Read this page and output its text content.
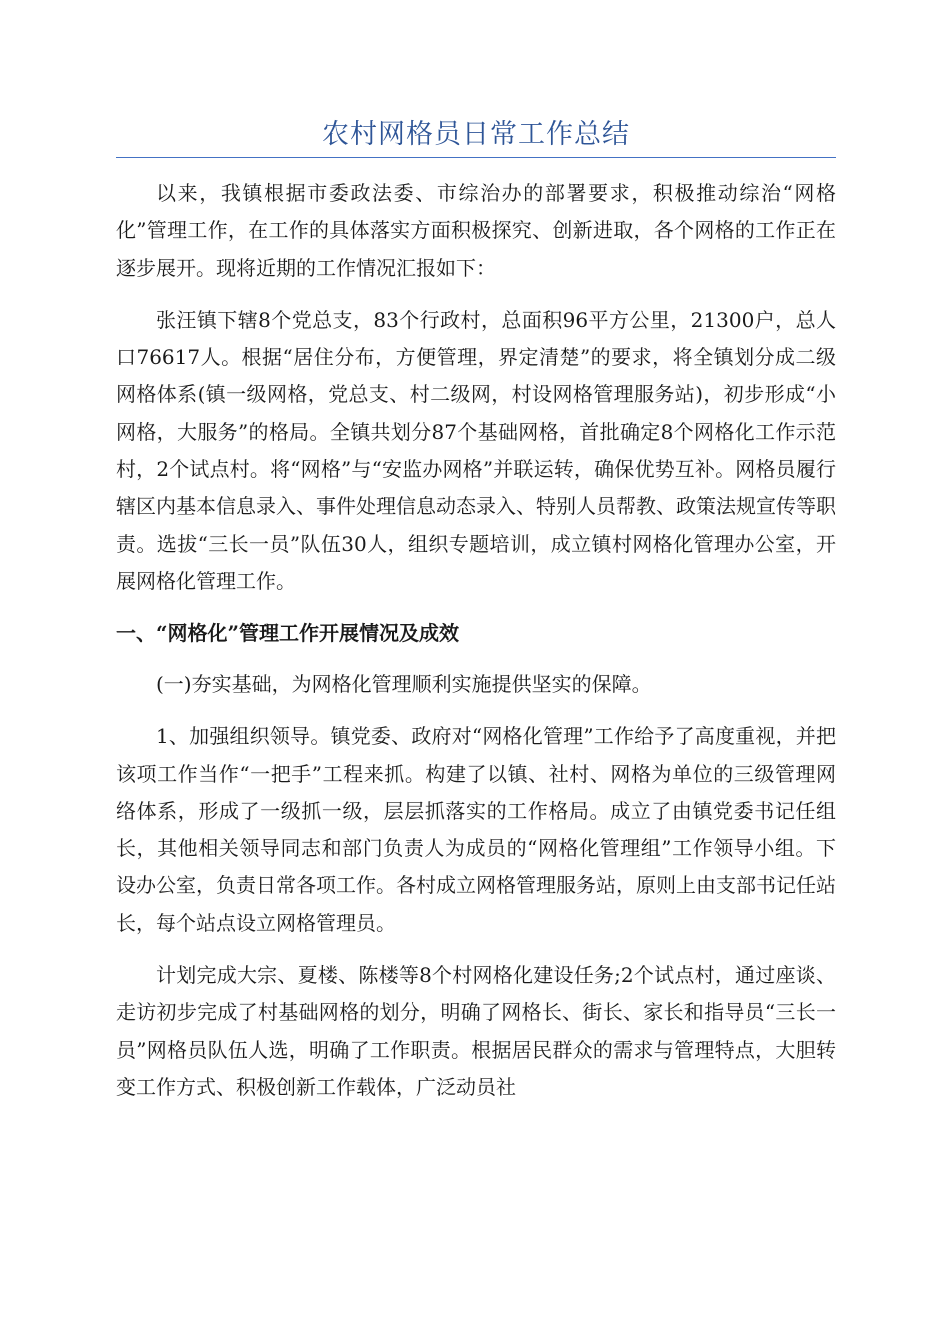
农村网格员日常工作总结

以来，我镇根据市委政法委、市综治办的部署要求，积极推动综治“网格化”管理工作，在工作的具体落实方面积极探究、创新进取，各个网格的工作正在逐步展开。现将近期的工作情况汇报如下：

张汪镇下辖8个党总支，83个行政村，总面积96平方公里，21300户，总人口76617人。根据“居住分布，方便管理，界定清楚”的要求，将全镇划分成二级网格体系(镇一级网格，党总支、村二级网，村设网格管理服务站)，初步形成“小网格，大服务”的格局。全镇共划分87个基础网格，首批确定8个网格化工作示范村，2个试点村。将“网格”与“安监办网格”并联运转，确保优势互补。网格员履行辖区内基本信息录入、事件处理信息动态录入、特别人员帮教、政策法规宣传等职责。选拔“三长一员”队伍30人，组织专题培训，成立镇村网格化管理办公室，开展网格化管理工作。

一、“网格化”管理工作开展情况及成效

(一)夯实基础，为网格化管理顺利实施提供坚实的保障。

1、加强组织领导。镇党委、政府对“网格化管理”工作给予了高度重视，并把该项工作当作“一把手”工程来抓。构建了以镇、社村、网格为单位的三级管理网络体系，形成了一级抓一级，层层抓落实的工作格局。成立了由镇党委书记任组长，其他相关领导同志和部门负责人为成员的“网格化管理组”工作领导小组。下设办公室，负责日常各项工作。各村成立网格管理服务站，原则上由支部书记任站长，每个站点设立网格管理员。

计划完成大宗、夏楼、陈楼等8个村网格化建设任务;2个试点村，通过座谈、走访初步完成了村基础网格的划分，明确了网格长、街长、家长和指导员“三长一员”网格员队伍人选，明确了工作职责。根据居民群众的需求与管理特点，大胆转变工作方式、积极创新工作载体，广泛动员社
